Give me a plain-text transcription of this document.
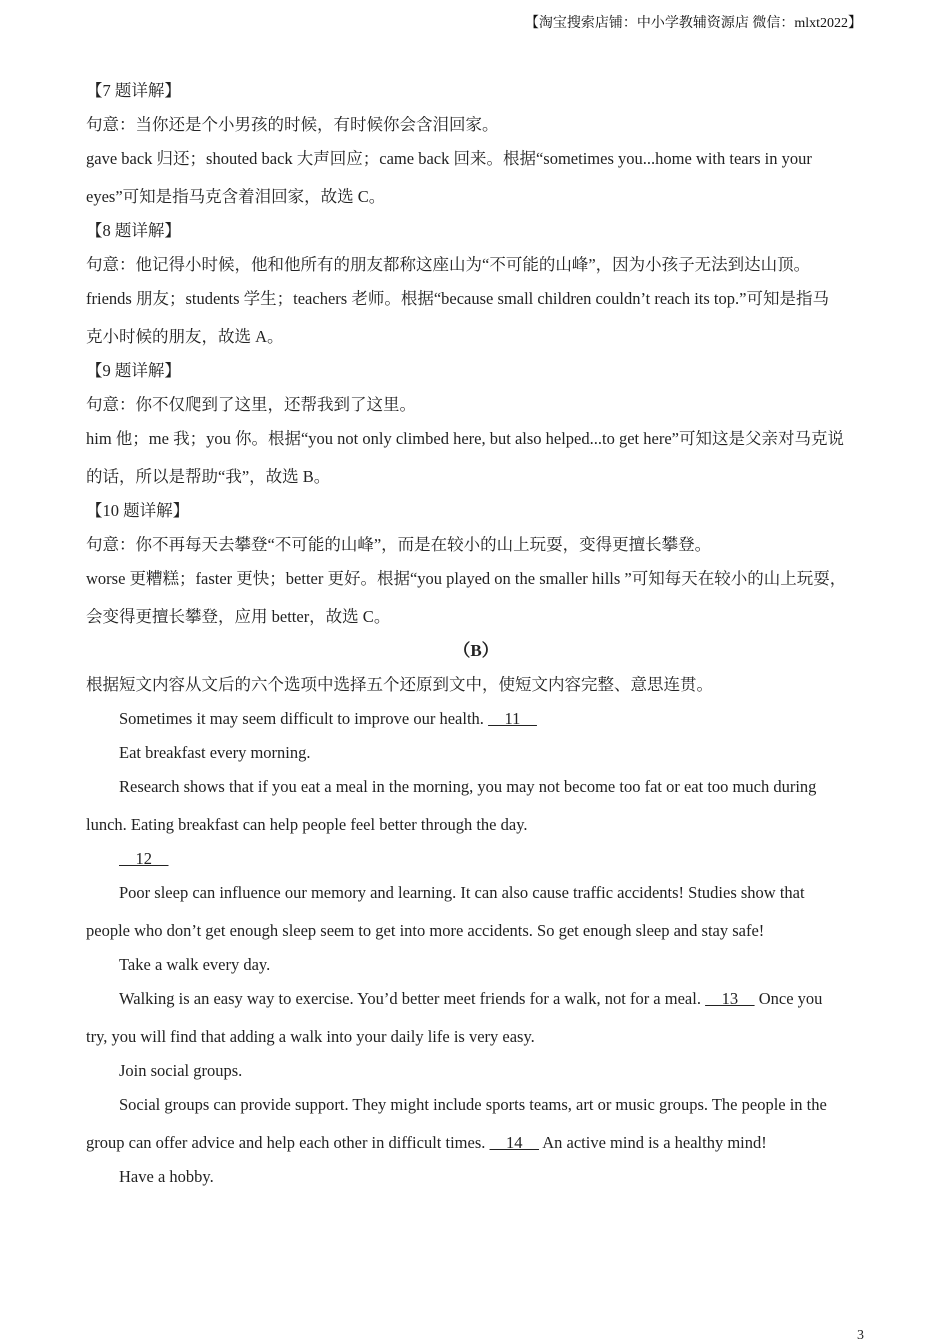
【淘宝搜索店铺：中小学教辅资源店 微信：mlxt2022】
【7 题详解】
句意：当你还是个小男孩的时候，有时候你会含泪回家。
gave back 归还；shouted back 大声回应；came back 回来。根据“sometimes you...home with tears in your
eyes”可知是指马克含着泪回家，故选 C。
【8 题详解】
句意：他记得小时候，他和他所有的朋友都称这座山为“不可能的山峰”，因为小孩子无法到达山顶。
friends 朋友；students 学生；teachers 老师。根据“because small children couldn’t reach its top.”可知是指马
克小时候的朋友，故选 A。
【9 题详解】
句意：你不仅爬到了这里，还帮我到了这里。
him 他；me 我；you 你。根据“you not only climbed here, but also helped...to get here”可知这是父亲对马克说
的话，所以是帮助“我”，故选 B。
【10 题详解】
句意：你不再每天去攀登“不可能的山峰”，而是在较小的山上玩耍，变得更擅长攀登。
worse 更糟糕；faster 更快；better 更好。根据“you played on the smaller hills ”可知每天在较小的山上玩耍，
会变得更擅长攀登，应用 better，故选 C。
（B）
根据短文内容从文后的六个选项中选择五个还原到文中，使短文内容完整、意思连贯。
Sometimes it may seem difficult to improve our health.     11
Eat breakfast every morning.
Research shows that if you eat a meal in the morning, you may not become too fat or eat too much during
lunch. Eating breakfast can help people feel better through the day.
12
Poor sleep can influence our memory and learning. It can also cause traffic accidents! Studies show that
people who don’t get enough sleep seem to get into more accidents. So get enough sleep and stay safe!
Take a walk every day.
Walking is an easy way to exercise. You’d better meet friends for a walk, not for a meal.     13     Once you
try, you will find that adding a walk into your daily life is very easy.
Join social groups.
Social groups can provide support. They might include sports teams, art or music groups. The people in the
group can offer advice and help each other in difficult times.     14     An active mind is a healthy mind!
Have a hobby.
3
